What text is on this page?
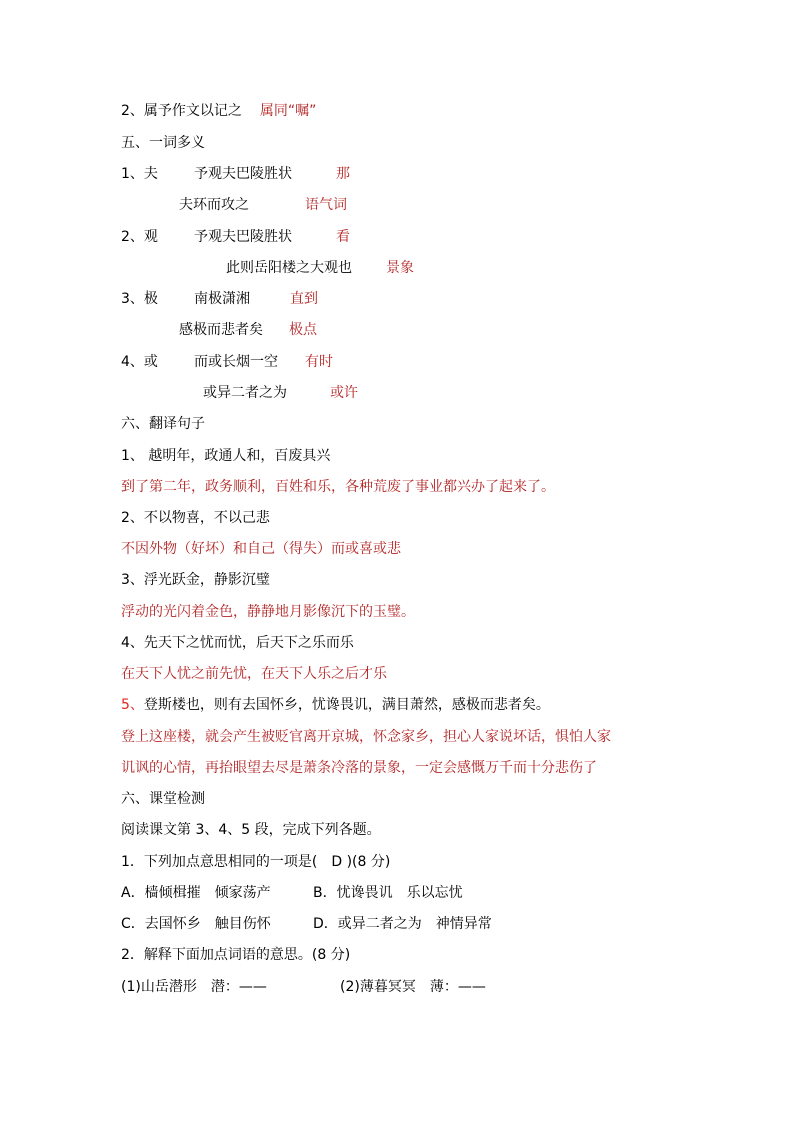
2、属予作文以记之 属同“嘱”
五、一词多义
1、夫	予观夫巴陵胜状	那
夫环而攻之	语气词
2、观	予观夫巴陵胜状	看
此则岳阳楼之大观也 景象
3、极	南极潇湘	直到
感极而悲者矣 极点
4、或	而或长烟一空 有时
或异二者之为	或许
六、翻译句子
1、 越明年，政通人和，百废具兴
到了第二年，政务顺利，百姓和乐，各种荒废了事业都兴办了起来了。
2、不以物喜，不以己悲
不因外物（好坏）和自己（得失）而或喜或悲
3、浮光跃金，静影沉璧
浮动的光闪着金色，静静地月影像沉下的玉璧。
4、先天下之忧而忧，后天下之乐而乐
在天下人忧之前先忧，在天下人乐之后才乐
5、登斯楼也，则有去国怀乡，忧谗畏讥，满目萧然，感极而悲者矣。
登上这座楼，就会产生被贬官离开京城，怀念家乡，担心人家说坏话，惧怕人家
讥讽的心情，再抬眼望去尽是萧条冷落的景象，一定会感慨万千而十分悲伤了
六、课堂检测
阅读课文第 3、4、5 段，完成下列各题。
1．下列加点意思相同的一项是(　D )(8 分)
A．樯倾楫摧　倾家荡产	B．忧谗畏讥　乐以忘忧
C．去国怀乡　触目伤怀	D．或异二者之为　神情异常
2．解释下面加点词语的意思。(8 分)
(1)山岳潜形　潜：——	(2)薄暮冥冥　薄：——
